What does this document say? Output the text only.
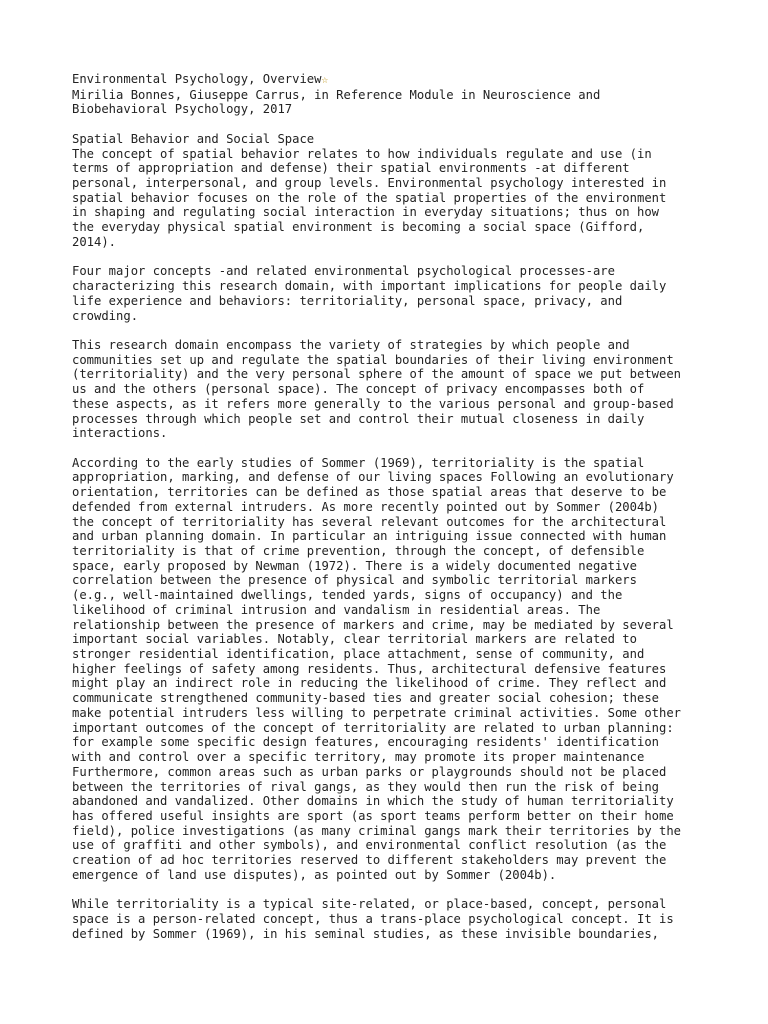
Environmental Psychology, Overview☆
Mirilia Bonnes, Giuseppe Carrus, in Reference Module in Neuroscience and
Biobehavioral Psychology, 2017
Spatial Behavior and Social Space
The concept of spatial behavior relates to how individuals regulate and use (in
terms of appropriation and defense) their spatial environments -at different
personal, interpersonal, and group levels. Environmental psychology interested in
spatial behavior focuses on the role of the spatial properties of the environment
in shaping and regulating social interaction in everyday situations; thus on how
the everyday physical spatial environment is becoming a social space (Gifford,
2014).
Four major concepts -and related environmental psychological processes-are
characterizing this research domain, with important implications for people daily
life experience and behaviors: territoriality, personal space, privacy, and
crowding.
This research domain encompass the variety of strategies by which people and
communities set up and regulate the spatial boundaries of their living environment
(territoriality) and the very personal sphere of the amount of space we put between
us and the others (personal space). The concept of privacy encompasses both of
these aspects, as it refers more generally to the various personal and group-based
processes through which people set and control their mutual closeness in daily
interactions.
According to the early studies of Sommer (1969), territoriality is the spatial
appropriation, marking, and defense of our living spaces Following an evolutionary
orientation, territories can be defined as those spatial areas that deserve to be
defended from external intruders. As more recently pointed out by Sommer (2004b)
the concept of territoriality has several relevant outcomes for the architectural
and urban planning domain. In particular an intriguing issue connected with human
territoriality is that of crime prevention, through the concept, of defensible
space, early proposed by Newman (1972). There is a widely documented negative
correlation between the presence of physical and symbolic territorial markers
(e.g., well-maintained dwellings, tended yards, signs of occupancy) and the
likelihood of criminal intrusion and vandalism in residential areas. The
relationship between the presence of markers and crime, may be mediated by several
important social variables. Notably, clear territorial markers are related to
stronger residential identification, place attachment, sense of community, and
higher feelings of safety among residents. Thus, architectural defensive features
might play an indirect role in reducing the likelihood of crime. They reflect and
communicate strengthened community-based ties and greater social cohesion; these
make potential intruders less willing to perpetrate criminal activities. Some other
important outcomes of the concept of territoriality are related to urban planning:
for example some specific design features, encouraging residents' identification
with and control over a specific territory, may promote its proper maintenance
Furthermore, common areas such as urban parks or playgrounds should not be placed
between the territories of rival gangs, as they would then run the risk of being
abandoned and vandalized. Other domains in which the study of human territoriality
has offered useful insights are sport (as sport teams perform better on their home
field), police investigations (as many criminal gangs mark their territories by the
use of graffiti and other symbols), and environmental conflict resolution (as the
creation of ad hoc territories reserved to different stakeholders may prevent the
emergence of land use disputes), as pointed out by Sommer (2004b).
While territoriality is a typical site-related, or place-based, concept, personal
space is a person-related concept, thus a trans-place psychological concept. It is
defined by Sommer (1969), in his seminal studies, as these invisible boundaries,
